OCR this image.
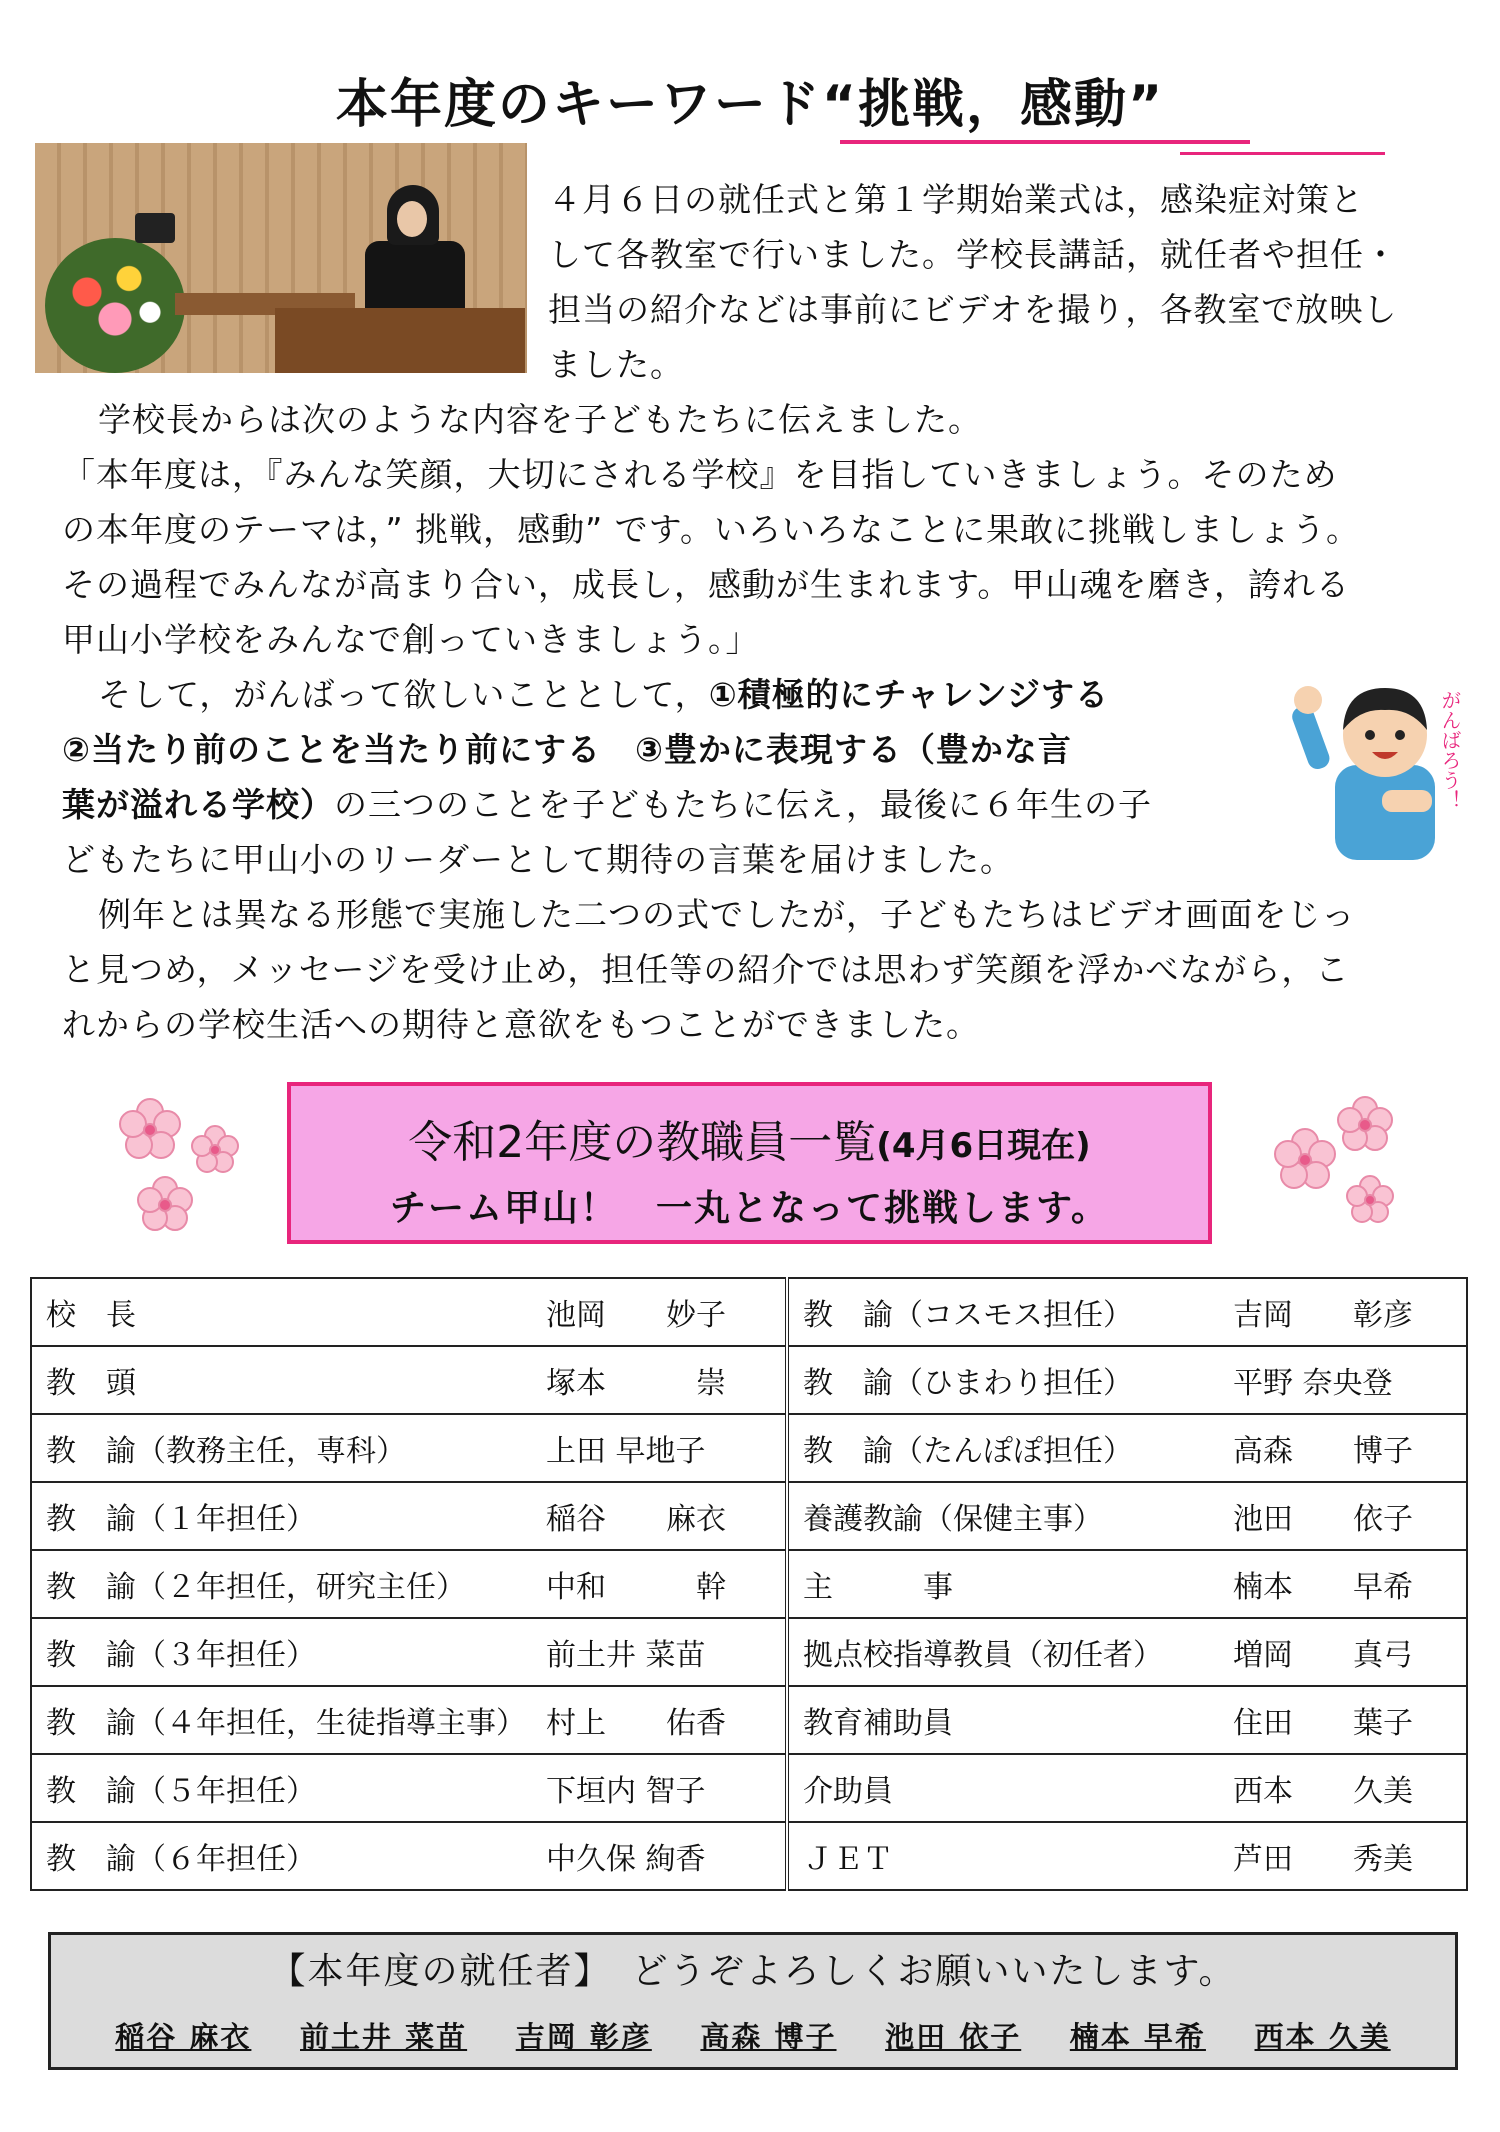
本年度のキーワード“挑戦，感動”
４月６日の就任式と第１学期始業式は，感染症対策と
して各教室で行いました。学校長講話，就任者や担任・
担当の紹介などは事前にビデオを撮り，各教室で放映し
ました。
学校長からは次のような内容を子どもたちに伝えました。
「本年度は，『みんな笑顔，大切にされる学校』を目指していきましょう。そのため
の本年度のテーマは，” 挑戦，感動” です。いろいろなことに果敢に挑戦しましょう。
その過程でみんなが高まり合い，成長し，感動が生まれます。甲山魂を磨き，誇れる
甲山小学校をみんなで創っていきましょう。」
そして，がんばって欲しいこととして，①積極的にチャレンジする
②当たり前のことを当たり前にする　③豊かに表現する（豊かな言
葉が溢れる学校）の三つのことを子どもたちに伝え，最後に６年生の子
どもたちに甲山小のリーダーとして期待の言葉を届けました。
例年とは異なる形態で実施した二つの式でしたが，子どもたちはビデオ画面をじっ
と見つめ，メッセージを受け止め，担任等の紹介では思わず笑顔を浮かべながら，こ
れからの学校生活への期待と意欲をもつことができました。
がんばろう！
令和2年度の教職員一覧(4月6日現在)
チーム甲山！　一丸となって挑戦します。
校　長 池岡　　妙子	教　諭（コスモス担任） 吉岡　　彰彦
教　頭 塚本　　　崇	教　諭（ひまわり担任） 平野 奈央登
教　諭（教務主任，専科） 上田 早地子	教　諭（たんぽぽ担任） 高森　　博子
教　諭（１年担任） 稲谷　　麻衣	養護教諭（保健主事） 池田　　依子
教　諭（２年担任，研究主任） 中和　　　幹	主　　　事 楠本　　早希
教　諭（３年担任） 前土井 菜苗	拠点校指導教員（初任者） 増岡　　真弓
教　諭（４年担任，生徒指導主事） 村上　　佑香	教育補助員 住田　　葉子
教　諭（５年担任） 下垣内 智子	介助員 西本　　久美
教　諭（６年担任） 中久保 絢香	ＪＥＴ 芦田　　秀美
【本年度の就任者】　どうぞよろしくお願いいたします。
稲谷 麻衣 前土井 菜苗 吉岡 彰彦 高森 博子 池田 依子 楠本 早希 西本 久美
